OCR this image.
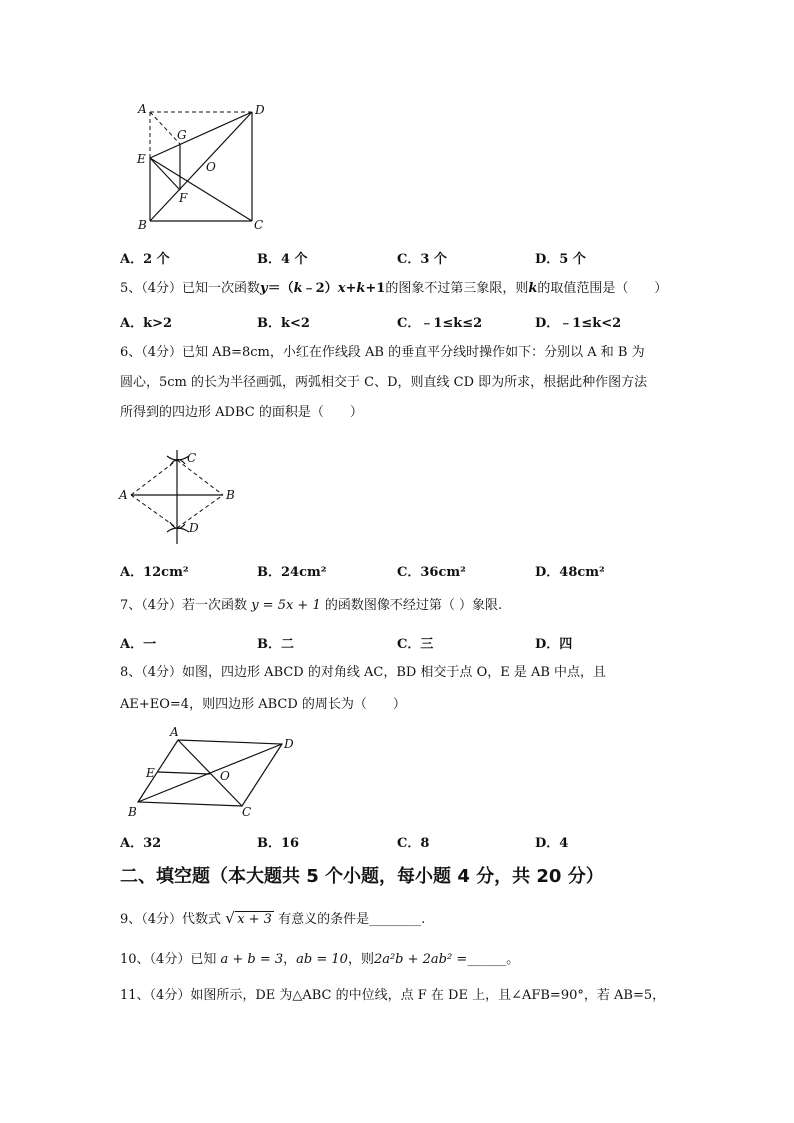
A	D
G
E
O
F
B	C
A．2 个	B．4 个	C．3 个	D．5 个
5、（4分）已知一次函数y＝（k﹣2）x+k+1的图象不过第三象限，则k的取值范围是（　　）
A．k>2	B．k<2	C．﹣1≤k≤2	D．﹣1≤k<2
6、（4分）已知 AB=8cm，小红在作线段 AB 的垂直平分线时操作如下：分别以 A 和 B 为
圆心，5cm 的长为半径画弧，两弧相交于 C、D，则直线 CD 即为所求，根据此种作图方法
所得到的四边形 ADBC 的面积是（　　）
C
A	B
D
A．12cm²	B．24cm²	C．36cm²	D．48cm²
7、（4分）若一次函数 y = 5x + 1 的函数图像不经过第（ ）象限.
A．一	B．二	C．三	D．四
8、（4分）如图，四边形 ABCD 的对角线 AC，BD 相交于点 O，E 是 AB 中点，且
AE+EO=4，则四边形 ABCD 的周长为（　　）
A
D
E	O
B	C
A．32	B．16	C．8	D．4
二、填空题（本大题共 5 个小题，每小题 4 分，共 20 分）
9、（4分）代数式 √ x + 3 有意义的条件是________.
10、（4分）已知 a + b = 3，ab = 10，则2a²b + 2ab² =______。
11、（4分）如图所示，DE 为△ABC 的中位线，点 F 在 DE 上，且∠AFB=90°，若 AB=5，
